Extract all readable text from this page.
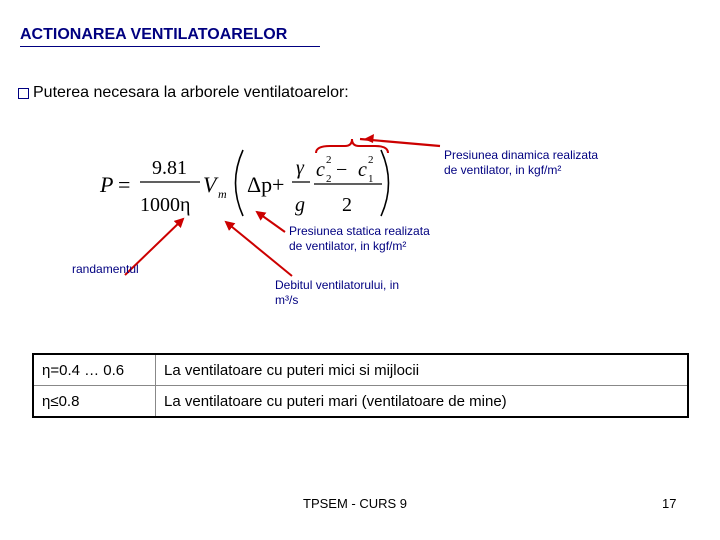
ACTIONAREA VENTILATOARELOR
Puterea necesara la arborele ventilatoarelor:
P =
9.81
1000η
V m Δp +
γ
g
c 2
2 − c 1
2
2
Presiunea dinamica realizata
de ventilator, in kgf/m²
Presiunea statica realizata
de ventilator, in kgf/m²
randamentul
Debitul ventilatorului, in
m³/s
η=0.4 … 0.6	La ventilatoare cu puteri mici si mijlocii
η≤0.8	La ventilatoare cu puteri mari (ventilatoare de mine)
TPSEM - CURS 9	17
